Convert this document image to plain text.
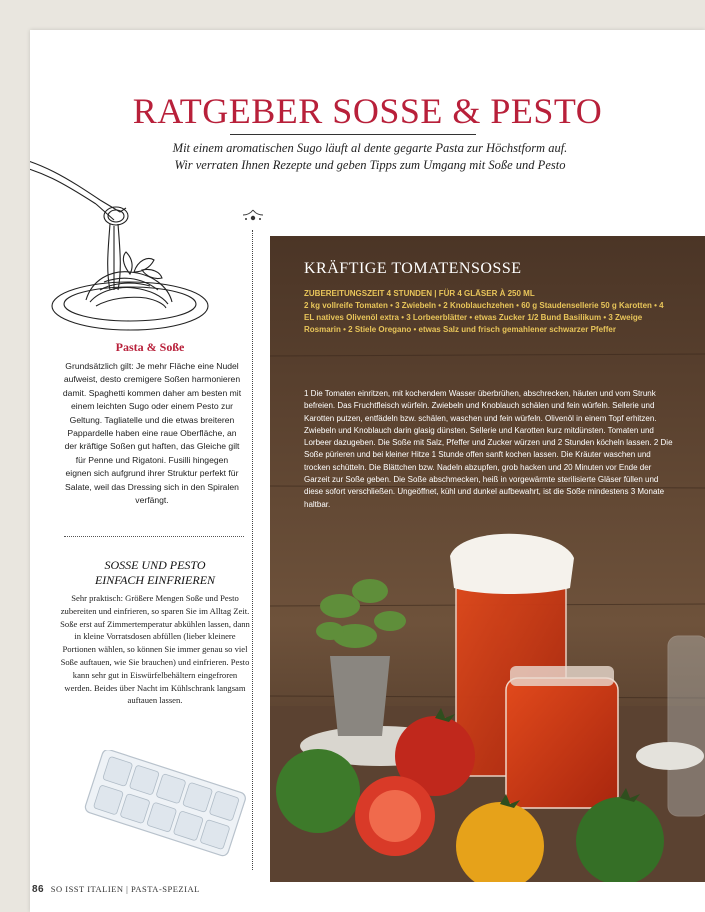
RATGEBER SOSSE & PESTO

Mit einem aromatischen Sugo läuft al dente gegarte Pasta zur Höchstform auf.

Wir verraten Ihnen Rezepte und geben Tipps zum Umgang mit Soße und Pesto

Pasta & Soße
Grundsätzlich gilt: Je mehr Fläche eine Nudel aufweist, desto cremigere Soßen harmonieren damit. Spaghetti kommen daher am besten mit einem leichten Sugo oder einem Pesto zur Geltung. Tagliatelle und die etwas breiteren Pappardelle haben eine raue Oberfläche, an der kräftige Soßen gut haften, das Gleiche gilt für Penne und Rigatoni. Fusilli hingegen eignen sich aufgrund ihrer Struktur perfekt für Salate, weil das Dressing sich in den Spiralen verfängt.
SOSSE UND PESTO
EINFACH EINFRIEREN
Sehr praktisch: Größere Mengen Soße und Pesto zubereiten und einfrieren, so sparen Sie im Alltag Zeit. Soße erst auf Zimmertemperatur abkühlen lassen, dann in kleine Vorratsdosen abfüllen (lieber kleinere Portionen wählen, so können Sie immer genau so viel Soße auftauen, wie Sie brauchen) und einfrieren. Pesto kann sehr gut in Eiswürfelbehältern eingefroren werden. Beides über Nacht im Kühlschrank langsam auftauen lassen.
KRÄFTIGE TOMATENSOSSE
ZUBEREITUNGSZEIT 4 STUNDEN | FÜR 4 GLÄSER À 250 ML
2 kg vollreife Tomaten • 3 Zwiebeln • 2 Knoblauchzehen • 60 g Staudensellerie 50 g Karotten • 4 EL natives Olivenöl extra • 3 Lorbeerblätter • etwas Zucker 1/2 Bund Basilikum • 3 Zweige Rosmarin • 2 Stiele Oregano • etwas Salz und frisch gemahlener schwarzer Pfeffer
1 Die Tomaten einritzen, mit kochendem Wasser überbrühen, abschrecken, häuten und vom Strunk befreien. Das Fruchtfleisch würfeln. Zwiebeln und Knoblauch schälen und fein würfeln. Sellerie und Karotten putzen, entfädeln bzw. schälen, waschen und fein würfeln. Olivenöl in einem Topf erhitzen. Zwiebeln und Knoblauch darin glasig dünsten. Sellerie und Karotten kurz mitdünsten. Tomaten und Lorbeer dazugeben. Die Soße mit Salz, Pfeffer und Zucker würzen und 2 Stunden köcheln lassen. 2 Die Soße pürieren und bei kleiner Hitze 1 Stunde offen sanft kochen lassen. Die Kräuter waschen und trocken schütteln. Die Blättchen bzw. Nadeln abzupfen, grob hacken und 20 Minuten vor Ende der Garzeit zur Soße geben. Die Soße abschmecken, heiß in vorgewärmte sterilisierte Gläser füllen und diese sofort verschließen. Ungeöffnet, kühl und dunkel aufbewahrt, ist die Soße mindestens 3 Monate haltbar.
86 SO ISST ITALIEN | PASTA-SPEZIAL
